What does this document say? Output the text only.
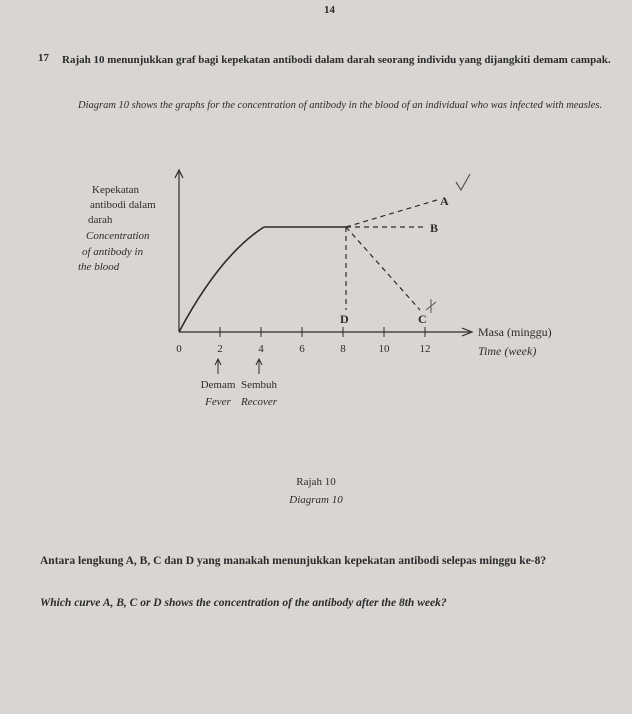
14
17 Rajah 10 menunjukkan graf bagi kepekatan antibodi dalam darah seorang individu yang dijangkiti demam campak.
Diagram 10 shows the graphs for the concentration of antibody in the blood of an individual who was infected with measles.
Kepekatan
antibodi dalam
darah
Concentration
of antibody in
the blood
0	2	4	6	8	10	12
A
B
C
D
Masa (minggu)
Time (week)
Demam
Fever
Sembuh
Recover
Rajah 10
Diagram 10
Antara lengkung A, B, C dan D yang manakah menunjukkan kepekatan antibodi selepas minggu ke-8?
Which curve A, B, C or D shows the concentration of the antibody after the 8th week?
